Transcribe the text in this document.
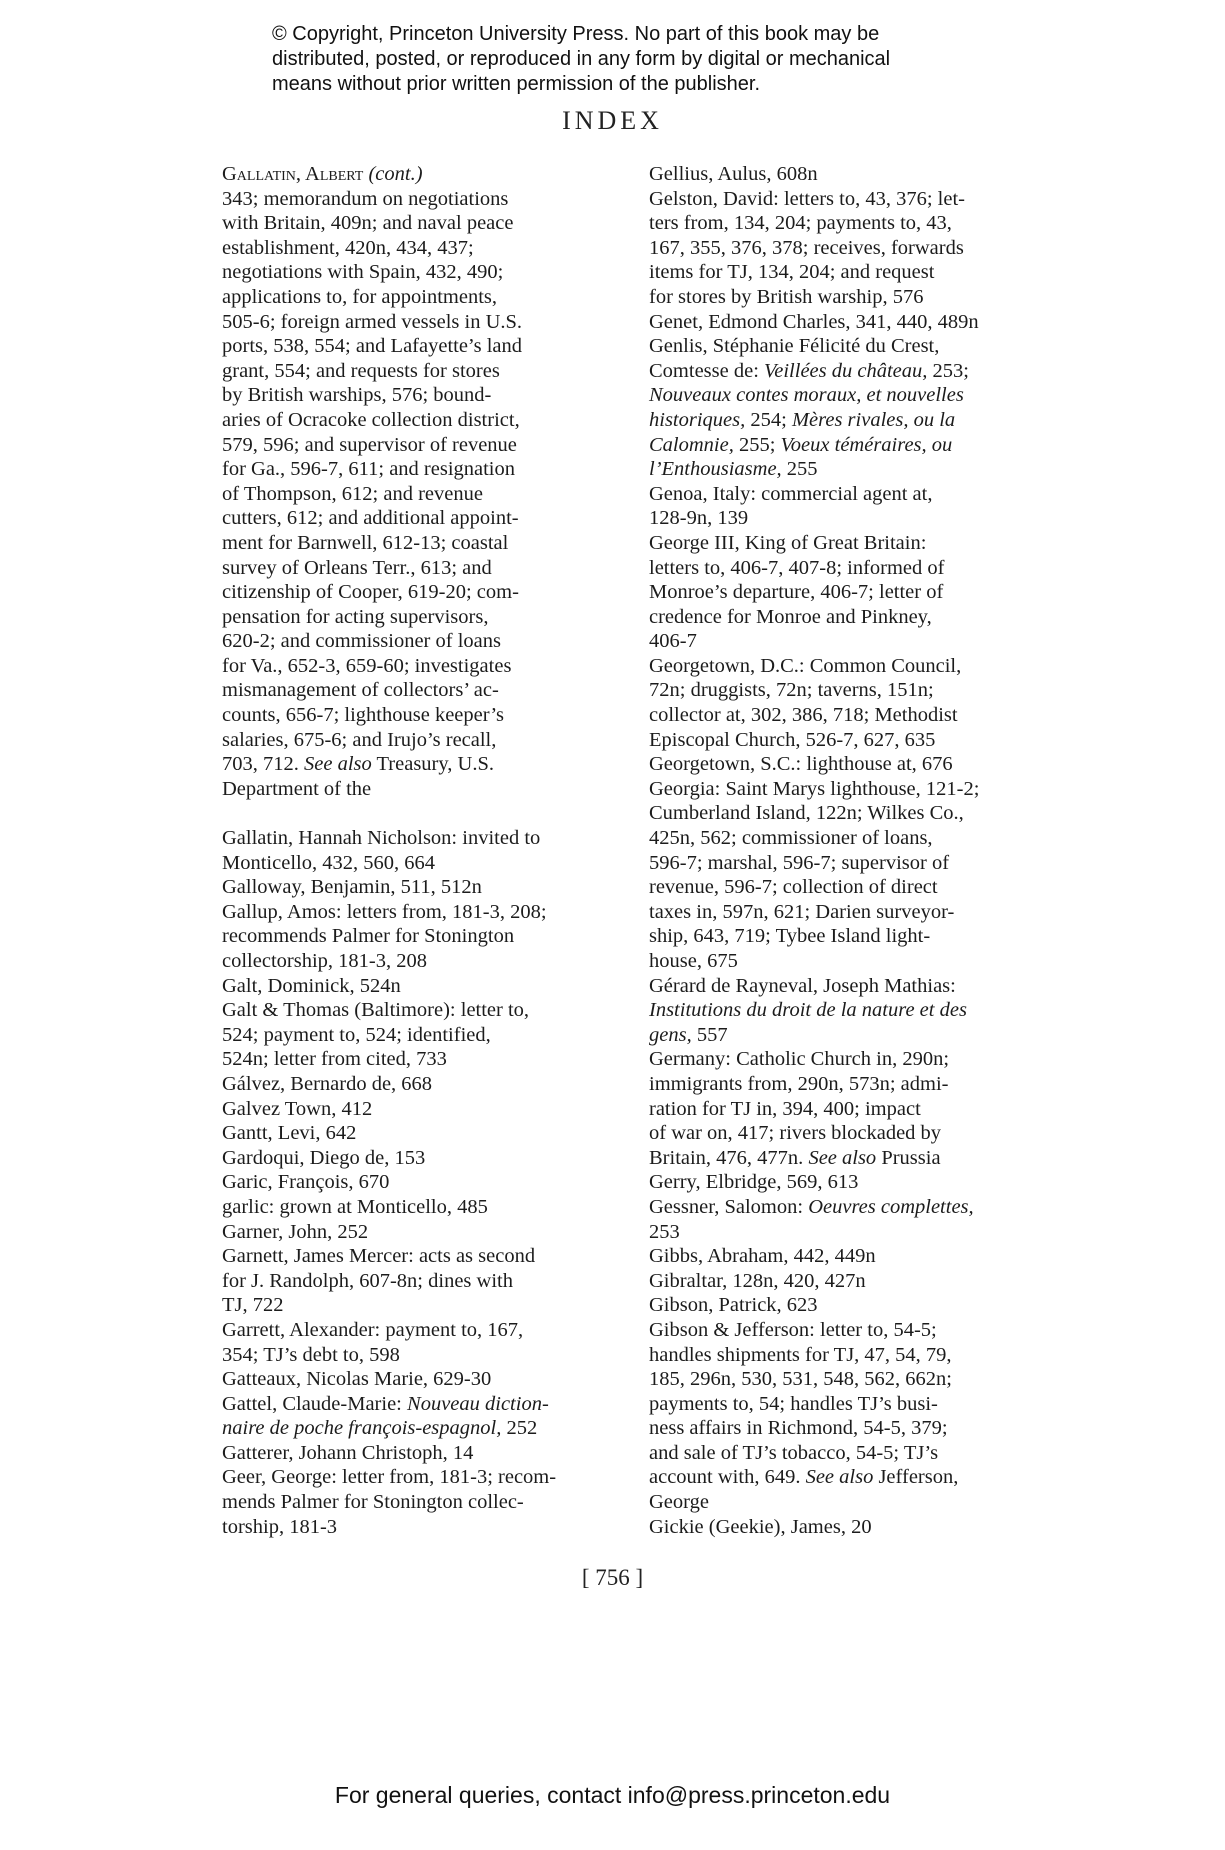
© Copyright, Princeton University Press. No part of this book may be
distributed, posted, or reproduced in any form by digital or mechanical
means without prior written permission of the publisher.
INDEX
Gallatin, Albert (cont.)
343; memorandum on negotiations
with Britain, 409n; and naval peace
establishment, 420n, 434, 437;
negotiations with Spain, 432, 490;
applications to, for appointments,
505-6; foreign armed vessels in U.S.
ports, 538, 554; and Lafayette’s land
grant, 554; and requests for stores
by British warships, 576; bound-
aries of Ocracoke collection district,
579, 596; and supervisor of revenue
for Ga., 596-7, 611; and resignation
of Thompson, 612; and revenue
cutters, 612; and additional appoint-
ment for Barnwell, 612-13; coastal
survey of Orleans Terr., 613; and
citizenship of Cooper, 619-20; com-
pensation for acting supervisors,
620-2; and commissioner of loans
for Va., 652-3, 659-60; investigates
mismanagement of collectors’ ac-
counts, 656-7; lighthouse keeper’s
salaries, 675-6; and Irujo’s recall,
703, 712. See also Treasury, U.S.
Department of the
Gallatin, Hannah Nicholson: invited to
Monticello, 432, 560, 664
Galloway, Benjamin, 511, 512n
Gallup, Amos: letters from, 181-3, 208;
recommends Palmer for Stonington
collectorship, 181-3, 208
Galt, Dominick, 524n
Galt & Thomas (Baltimore): letter to,
524; payment to, 524; identified,
524n; letter from cited, 733
Gálvez, Bernardo de, 668
Galvez Town, 412
Gantt, Levi, 642
Gardoqui, Diego de, 153
Garic, François, 670
garlic: grown at Monticello, 485
Garner, John, 252
Garnett, James Mercer: acts as second
for J. Randolph, 607-8n; dines with
TJ, 722
Garrett, Alexander: payment to, 167,
354; TJ’s debt to, 598
Gatteaux, Nicolas Marie, 629-30
Gattel, Claude-Marie: Nouveau diction-
naire de poche françois-espagnol, 252
Gatterer, Johann Christoph, 14
Geer, George: letter from, 181-3; recom-
mends Palmer for Stonington collec-
torship, 181-3
Gellius, Aulus, 608n
Gelston, David: letters to, 43, 376; let-
ters from, 134, 204; payments to, 43,
167, 355, 376, 378; receives, forwards
items for TJ, 134, 204; and request
for stores by British warship, 576
Genet, Edmond Charles, 341, 440, 489n
Genlis, Stéphanie Félicité du Crest,
Comtesse de: Veillées du château, 253;
Nouveaux contes moraux, et nouvelles
historiques, 254; Mères rivales, ou la
Calomnie, 255; Voeux téméraires, ou
l’Enthousiasme, 255
Genoa, Italy: commercial agent at,
128-9n, 139
George III, King of Great Britain:
letters to, 406-7, 407-8; informed of
Monroe’s departure, 406-7; letter of
credence for Monroe and Pinkney,
406-7
Georgetown, D.C.: Common Council,
72n; druggists, 72n; taverns, 151n;
collector at, 302, 386, 718; Methodist
Episcopal Church, 526-7, 627, 635
Georgetown, S.C.: lighthouse at, 676
Georgia: Saint Marys lighthouse, 121-2;
Cumberland Island, 122n; Wilkes Co.,
425n, 562; commissioner of loans,
596-7; marshal, 596-7; supervisor of
revenue, 596-7; collection of direct
taxes in, 597n, 621; Darien surveyor-
ship, 643, 719; Tybee Island light-
house, 675
Gérard de Rayneval, Joseph Mathias:
Institutions du droit de la nature et des
gens, 557
Germany: Catholic Church in, 290n;
immigrants from, 290n, 573n; admi-
ration for TJ in, 394, 400; impact
of war on, 417; rivers blockaded by
Britain, 476, 477n. See also Prussia
Gerry, Elbridge, 569, 613
Gessner, Salomon: Oeuvres complettes,
253
Gibbs, Abraham, 442, 449n
Gibraltar, 128n, 420, 427n
Gibson, Patrick, 623
Gibson & Jefferson: letter to, 54-5;
handles shipments for TJ, 47, 54, 79,
185, 296n, 530, 531, 548, 562, 662n;
payments to, 54; handles TJ’s busi-
ness affairs in Richmond, 54-5, 379;
and sale of TJ’s tobacco, 54-5; TJ’s
account with, 649. See also Jefferson,
George
Gickie (Geekie), James, 20
[ 756 ]
For general queries, contact info@press.princeton.edu
